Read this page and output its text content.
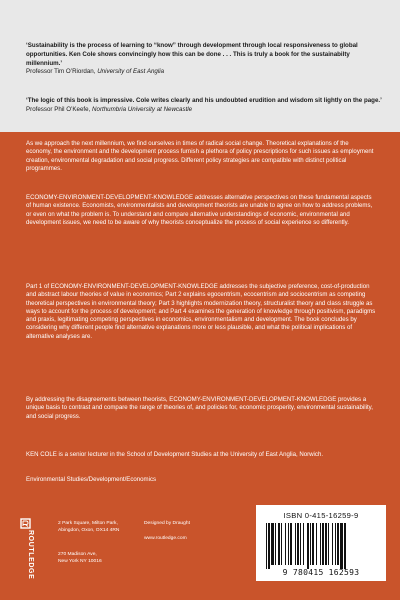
‘Sustainability is the process of learning to “know” through development through local responsiveness to global opportunities. Ken Cole shows convincingly how this can be done . . . This is truly a book for the sustainabilty millennium.’
Professor Tim O’Riordan, University of East Anglia

‘The logic of this book is impressive. Cole writes clearly and his undoubted erudition and wisdom sit lightly on the page.’
Professor Phil O’Keefe, Northumbria University at Newcastle

As we approach the next millennium, we find ourselves in times of radical social change. Theoretical explanations of the economy, the environment and the development process furnish a plethora of policy prescriptions for such issues as employment creation, environmental degradation and social progress. Different policy strategies are compatible with distinct political programmes.

ECONOMY-ENVIRONMENT-DEVELOPMENT-KNOWLEDGE addresses alternative perspectives on these fundamental aspects of human existence. Economists, environmentalists and development theorists are unable to agree on how to address problems, or even on what the problem is. To understand and compare alternative understandings of economic, environmental and development issues, we need to be aware of why theorists conceptualize the process of social experience so differently.

Part 1 of ECONOMY-ENVIRONMENT-DEVELOPMENT-KNOWLEDGE addresses the subjective preference, cost-of-production and abstract labour theories of value in economics; Part 2 explains egocentrism, ecocentrism and sociocentrism as competing theoretical perspectives in environmental theory; Part 3 highlights modernization theory, structuralist theory and class struggle as ways to account for the process of development; and Part 4 examines the generation of knowledge through positivism, paradigms and praxis, legitimating competing perspectives in economics, environmentalism and development. The book concludes by considering why different people find alternative explanations more or less plausible, and what the political implications of alternative analyses are.

By addressing the disagreements between theorists, ECONOMY-ENVIRONMENT-DEVELOPMENT-KNOWLEDGE provides a unique basis to contrast and compare the range of theories of, and policies for, economic prosperity, environmental sustainability, and social progress.

KEN COLE is a senior lecturer in the School of Development Studies at the University of East Anglia, Norwich.

Environmental Studies/Development/Economics

ROUTLEDGE
2 Park Square, Milton Park,
Abingdon, Oxon, OX14 4RN
270 Madison Ave,
New York NY 10016
Designed by Draught
www.routledge.com
ISBN 0-415-16259-9
9 780415 162593
